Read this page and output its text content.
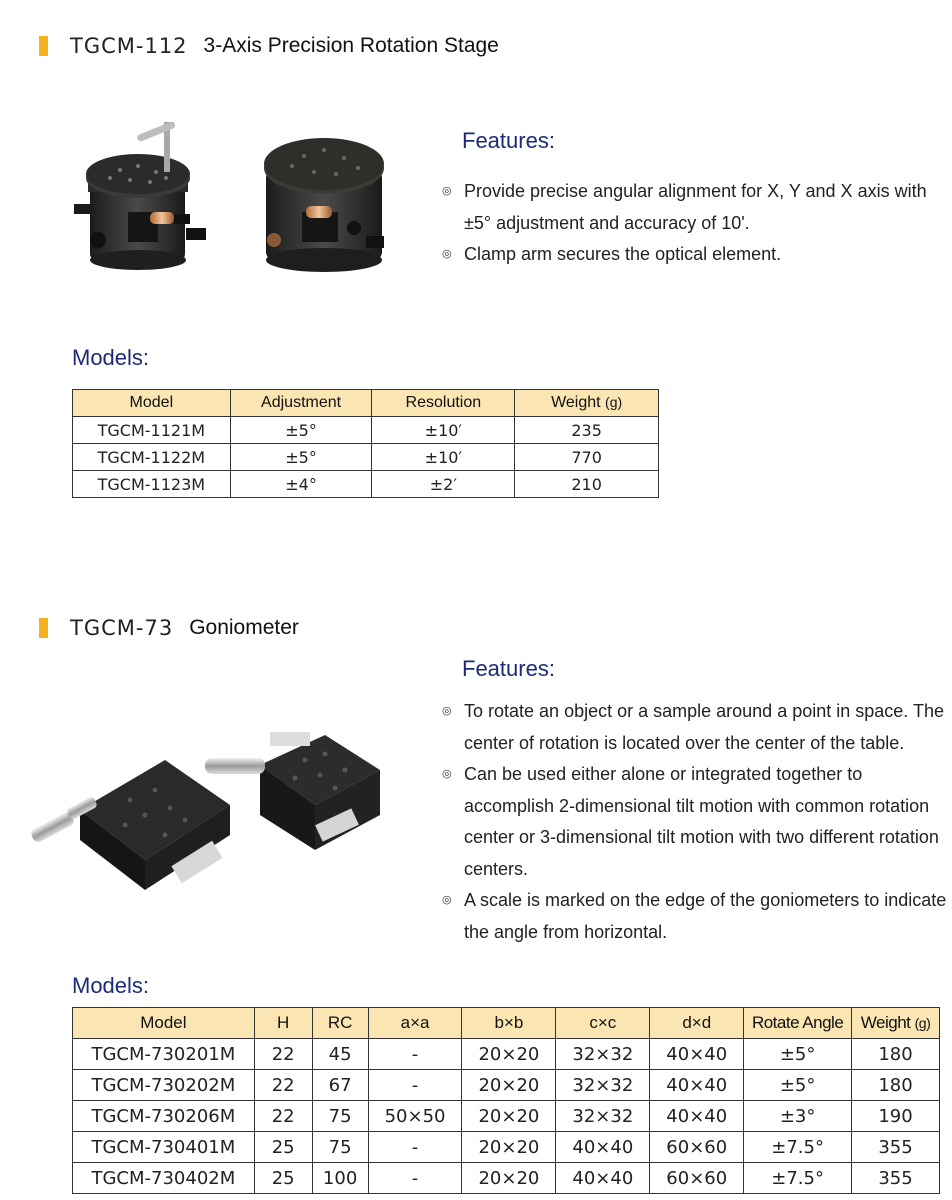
TGCM-112 3-Axis Precision Rotation Stage
Features:
◎ Provide precise angular alignment for X, Y and X axis with ±5° adjustment and accuracy of 10'.
◎ Clamp arm secures the optical element.
Models:
Model	Adjustment	Resolution	Weight (g)
TGCM-1121M	±5°	±10′	235
TGCM-1122M	±5°	±10′	770
TGCM-1123M	±4°	±2′	210
TGCM-73 Goniometer
Features:
◎ To rotate an object or a sample around a point in space. The center of rotation is located over the center of the table.
◎ Can be used either alone or integrated together to accomplish 2-dimensional tilt motion with common rotation center or 3-dimensional tilt motion with two different rotation centers.
◎ A scale is marked on the edge of the goniometers to indicate the angle from horizontal.
Models:
Model	H	RC	a×a	b×b	c×c	d×d	Rotate Angle	Weight (g)
TGCM-730201M	22	45	-	20×20	32×32	40×40	±5°	180
TGCM-730202M	22	67	-	20×20	32×32	40×40	±5°	180
TGCM-730206M	22	75	50×50	20×20	32×32	40×40	±3°	190
TGCM-730401M	25	75	-	20×20	40×40	60×60	±7.5°	355
TGCM-730402M	25	100	-	20×20	40×40	60×60	±7.5°	355
